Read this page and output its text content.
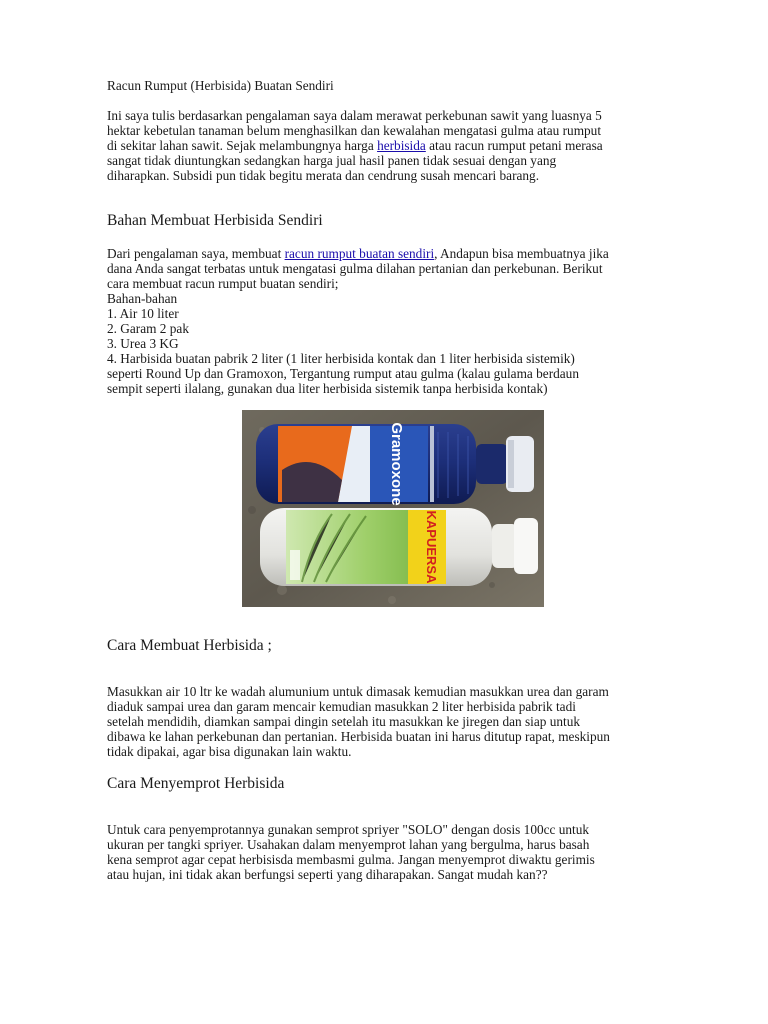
Racun Rumput (Herbisida) Buatan Sendiri

Ini saya tulis berdasarkan pengalaman saya dalam merawat perkebunan sawit yang luasnya 5
hektar kebetulan tanaman belum menghasilkan dan kewalahan mengatasi gulma atau rumput
di sekitar lahan sawit. Sejak melambungnya harga herbisida atau racun rumput petani merasa
sangat tidak diuntungkan sedangkan harga jual hasil panen tidak sesuai dengan yang
diharapkan. Subsidi pun tidak begitu merata dan cendrung susah mencari barang.

Bahan Membuat Herbisida Sendiri

Dari pengalaman saya, membuat racun rumput buatan sendiri, Andapun bisa membuatnya jika
dana Anda sangat terbatas untuk mengatasi gulma dilahan pertanian dan perkebunan. Berikut
cara membuat racun rumput buatan sendiri;
Bahan-bahan
1. Air 10 liter
2. Garam 2 pak
3. Urea 3 KG
4. Harbisida buatan pabrik 2 liter (1 liter herbisida kontak dan 1 liter herbisida sistemik)
seperti Round Up dan Gramoxon, Tergantung rumput atau gulma (kalau gulama berdaun
sempit seperti ilalang, gunakan dua liter herbisida sistemik tanpa herbisida kontak)

Cara Membuat Herbisida ;

Masukkan air 10 ltr ke wadah alumunium untuk dimasak kemudian masukkan urea dan garam
diaduk sampai urea dan garam mencair kemudian masukkan 2 liter herbisida pabrik tadi
setelah mendidih, diamkan sampai dingin setelah itu masukkan ke jiregen dan siap untuk
dibawa ke lahan perkebunan dan pertanian. Herbisida buatan ini harus ditutup rapat, meskipun
tidak dipakai, agar bisa digunakan lain waktu.

Cara Menyemprot Herbisida

Untuk cara penyemprotannya gunakan semprot spriyer "SOLO" dengan dosis 100cc untuk
ukuran per tangki spriyer. Usahakan dalam menyemprot lahan yang bergulma, harus basah
kena semprot agar cepat herbisisda membasmi gulma. Jangan menyemprot diwaktu gerimis
atau hujan, ini tidak akan berfungsi seperti yang diharapakan. Sangat mudah kan??

Gramoxone
KAPUERSA
